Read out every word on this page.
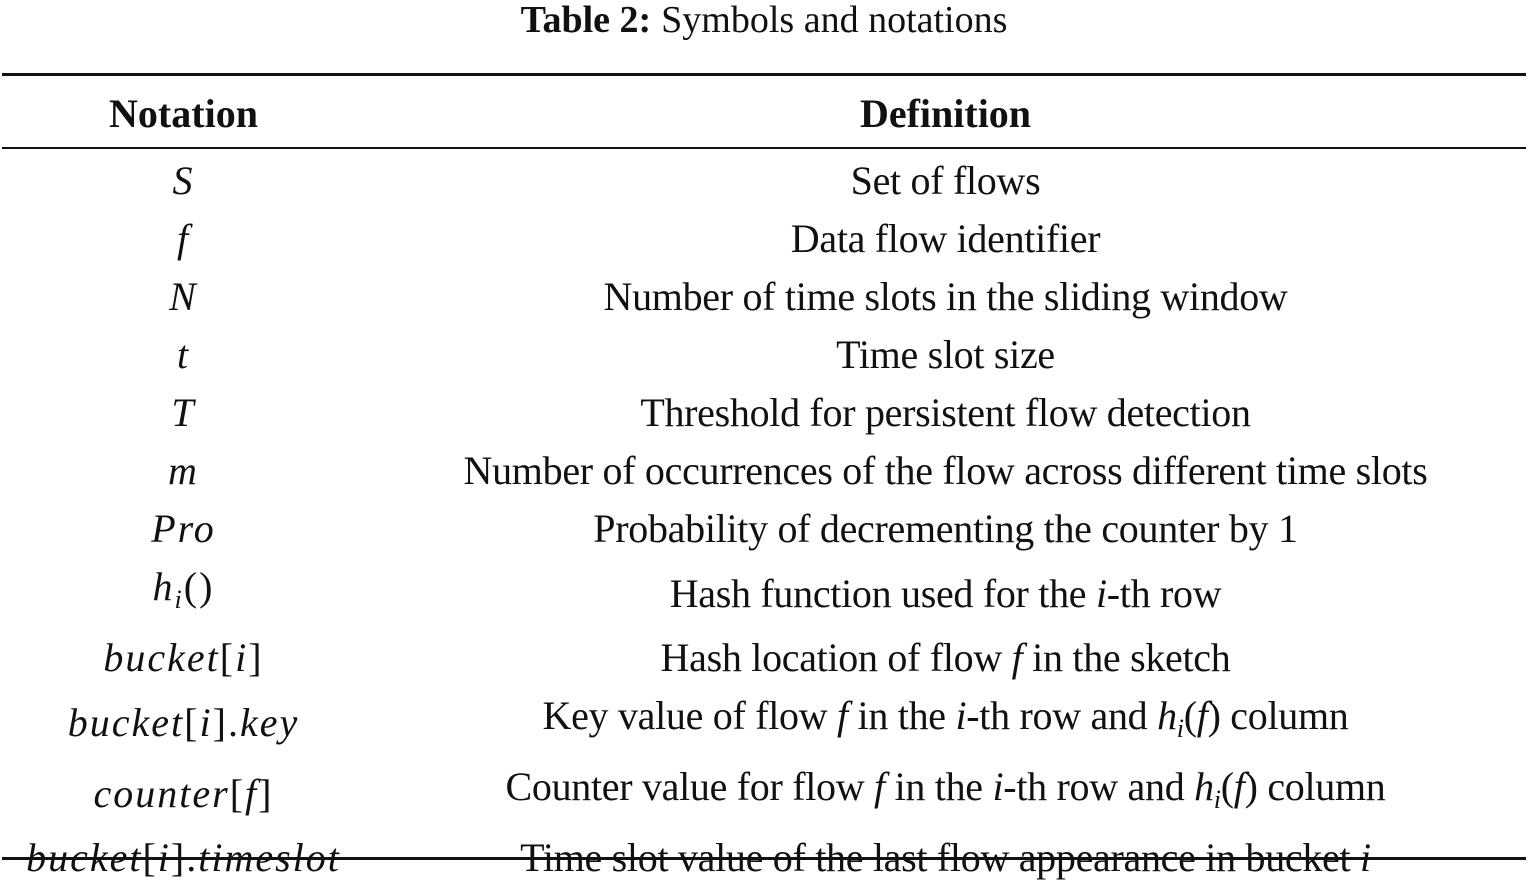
Table 2: Symbols and notations
Notation	Definition
S	Set of flows
f	Data flow identifier
N	Number of time slots in the sliding window
t	Time slot size
T	Threshold for persistent flow detection
m	Number of occurrences of the flow across different time slots
Pro	Probability of decrementing the counter by 1
$h_i()$	Hash function used for the i-th row
bucket[i]	Hash location of flow f in the sketch
bucket[i].key	Key value of flow f in the i-th row and $h_i(f)$ column
counter[f]	Counter value for flow f in the i-th row and $h_i(f)$ column
bucket[i].timeslot	Time slot value of the last flow appearance in bucket i
